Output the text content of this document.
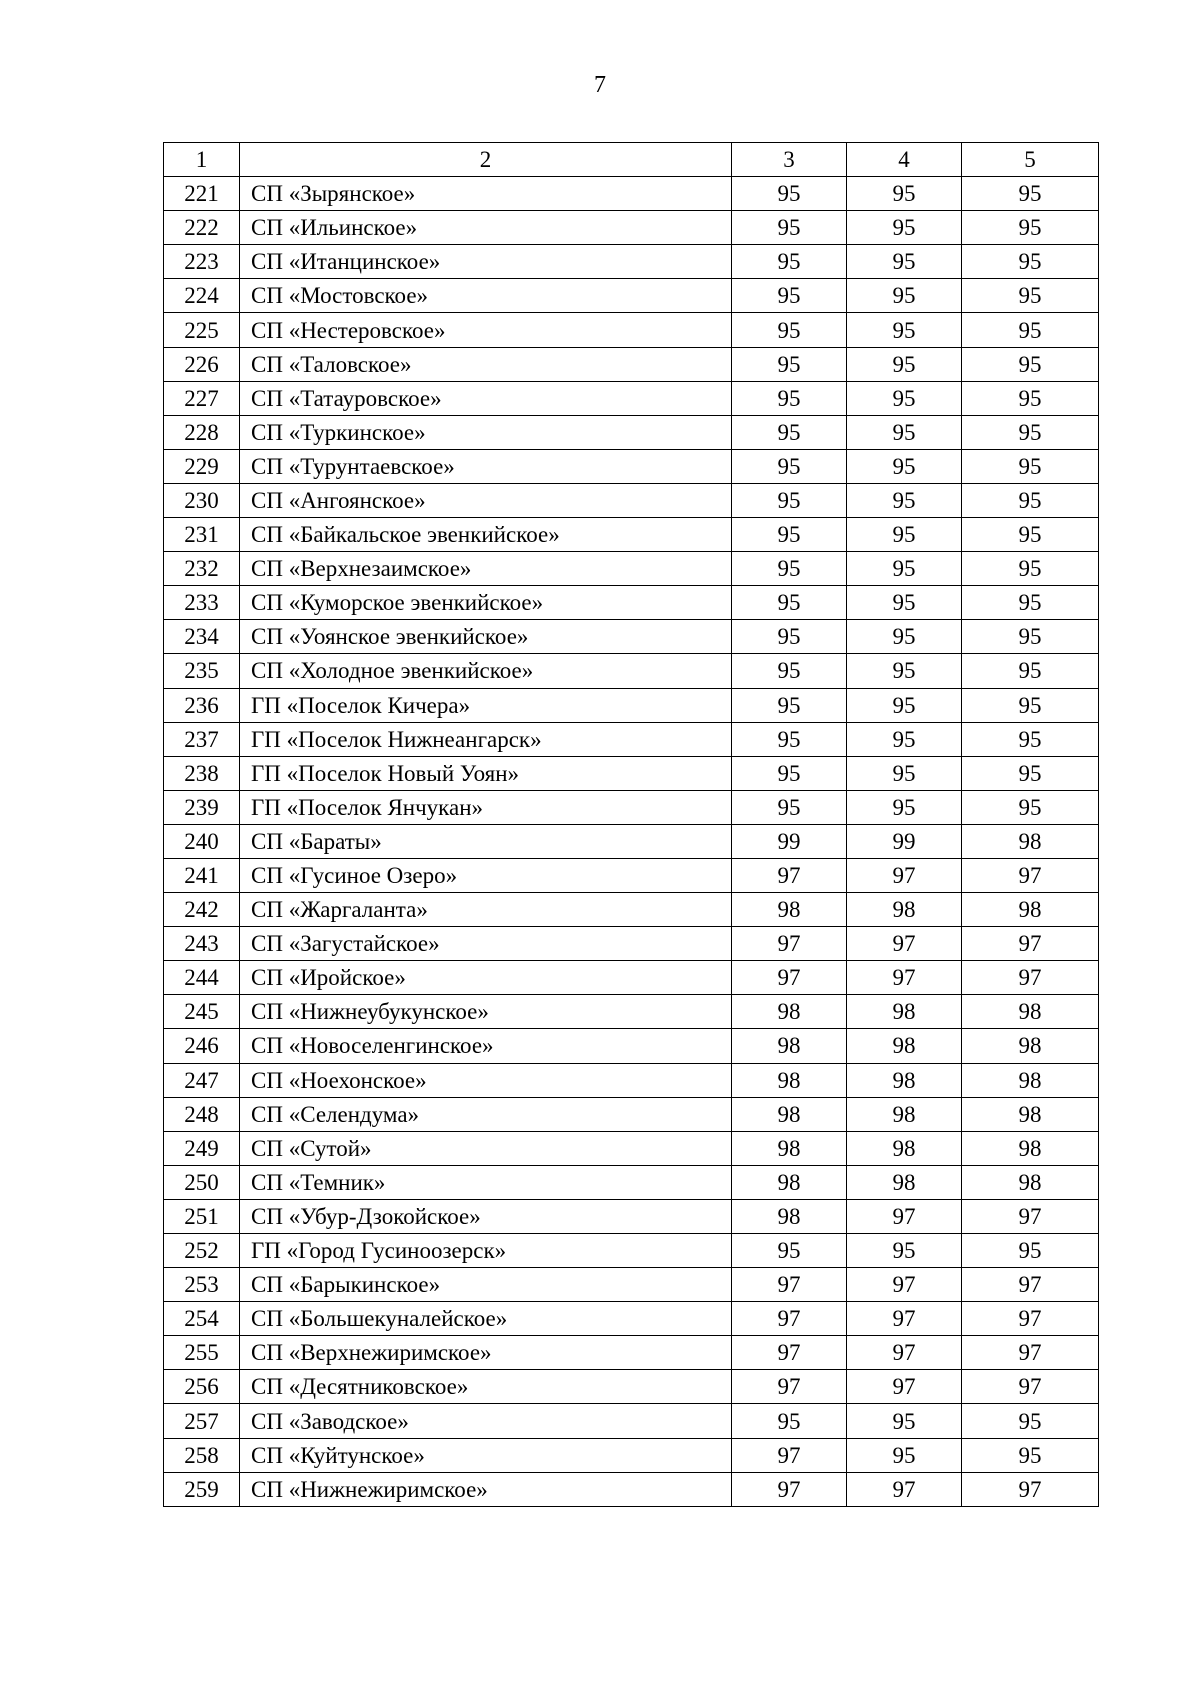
7
1	2	3	4	5
221	СП «Зырянское»	95	95	95
222	СП «Ильинское»	95	95	95
223	СП «Итанцинское»	95	95	95
224	СП «Мостовское»	95	95	95
225	СП «Нестеровское»	95	95	95
226	СП «Таловское»	95	95	95
227	СП «Татауровское»	95	95	95
228	СП «Туркинское»	95	95	95
229	СП «Турунтаевское»	95	95	95
230	СП «Ангоянское»	95	95	95
231	СП «Байкальское эвенкийское»	95	95	95
232	СП «Верхнезаимское»	95	95	95
233	СП «Куморское эвенкийское»	95	95	95
234	СП «Уоянское эвенкийское»	95	95	95
235	СП «Холодное эвенкийское»	95	95	95
236	ГП «Поселок Кичера»	95	95	95
237	ГП «Поселок Нижнеангарск»	95	95	95
238	ГП «Поселок Новый Уоян»	95	95	95
239	ГП «Поселок Янчукан»	95	95	95
240	СП «Бараты»	99	99	98
241	СП «Гусиное Озеро»	97	97	97
242	СП «Жаргаланта»	98	98	98
243	СП «Загустайское»	97	97	97
244	СП «Иройское»	97	97	97
245	СП «Нижнеубукунское»	98	98	98
246	СП «Новоселенгинское»	98	98	98
247	СП «Ноехонское»	98	98	98
248	СП «Селендума»	98	98	98
249	СП «Сутой»	98	98	98
250	СП «Темник»	98	98	98
251	СП «Убур-Дзокойское»	98	97	97
252	ГП «Город Гусиноозерск»	95	95	95
253	СП «Барыкинское»	97	97	97
254	СП «Большекуналейское»	97	97	97
255	СП «Верхнежиримское»	97	97	97
256	СП «Десятниковское»	97	97	97
257	СП «Заводское»	95	95	95
258	СП «Куйтунское»	97	95	95
259	СП «Нижнежиримское»	97	97	97
